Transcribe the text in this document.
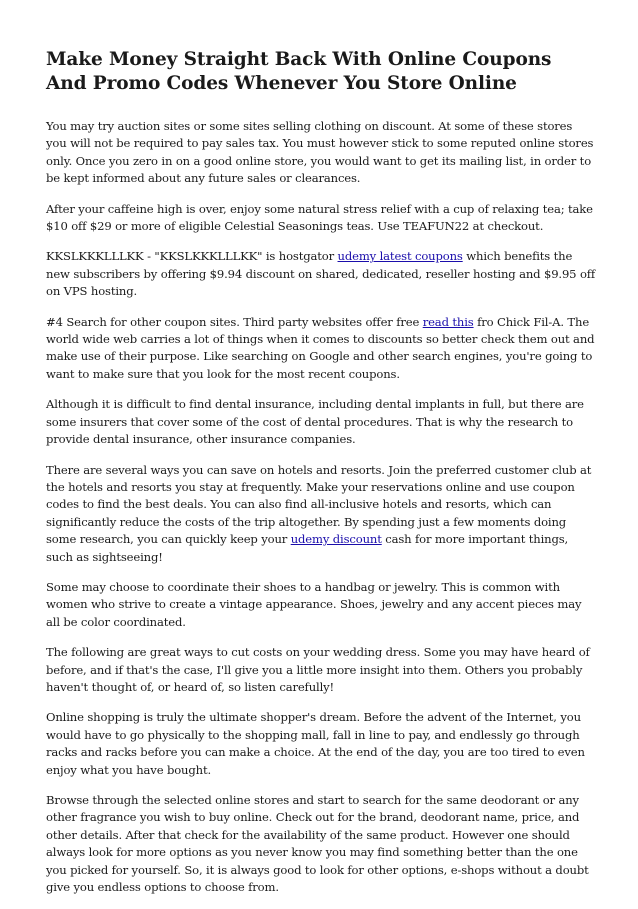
Make Money Straight Back With Online Coupons And Promo Codes Whenever You Store Online

You may try auction sites or some sites selling clothing on discount. At some of these stores you will not be required to pay sales tax. You must however stick to some reputed online stores only. Once you zero in on a good online store, you would want to get its mailing list, in order to be kept informed about any future sales or clearances.

After your caffeine high is over, enjoy some natural stress relief with a cup of relaxing tea; take $10 off $29 or more of eligible Celestial Seasonings teas. Use TEAFUN22 at checkout.

KKSLKKKLLLKK - "KKSLKKKLLLKK" is hostgator udemy latest coupons which benefits the new subscribers by offering $9.94 discount on shared, dedicated, reseller hosting and $9.95 off on VPS hosting.

#4 Search for other coupon sites. Third party websites offer free read this fro Chick Fil-A. The world wide web carries a lot of things when it comes to discounts so better check them out and make use of their purpose. Like searching on Google and other search engines, you're going to want to make sure that you look for the most recent coupons.

Although it is difficult to find dental insurance, including dental implants in full, but there are some insurers that cover some of the cost of dental procedures. That is why the research to provide dental insurance, other insurance companies.

There are several ways you can save on hotels and resorts. Join the preferred customer club at the hotels and resorts you stay at frequently. Make your reservations online and use coupon codes to find the best deals. You can also find all-inclusive hotels and resorts, which can significantly reduce the costs of the trip altogether. By spending just a few moments doing some research, you can quickly keep your udemy discount cash for more important things, such as sightseeing!

Some may choose to coordinate their shoes to a handbag or jewelry. This is common with women who strive to create a vintage appearance. Shoes, jewelry and any accent pieces may all be color coordinated.

The following are great ways to cut costs on your wedding dress. Some you may have heard of before, and if that's the case, I'll give you a little more insight into them. Others you probably haven't thought of, or heard of, so listen carefully!

Online shopping is truly the ultimate shopper's dream. Before the advent of the Internet, you would have to go physically to the shopping mall, fall in line to pay, and endlessly go through racks and racks before you can make a choice. At the end of the day, you are too tired to even enjoy what you have bought.

Browse through the selected online stores and start to search for the same deodorant or any other fragrance you wish to buy online. Check out for the brand, deodorant name, price, and other details. After that check for the availability of the same product. However one should always look for more options as you never know you may find something better than the one you picked for yourself. So, it is always good to look for other options, e-shops without a doubt give you endless options to choose from.
